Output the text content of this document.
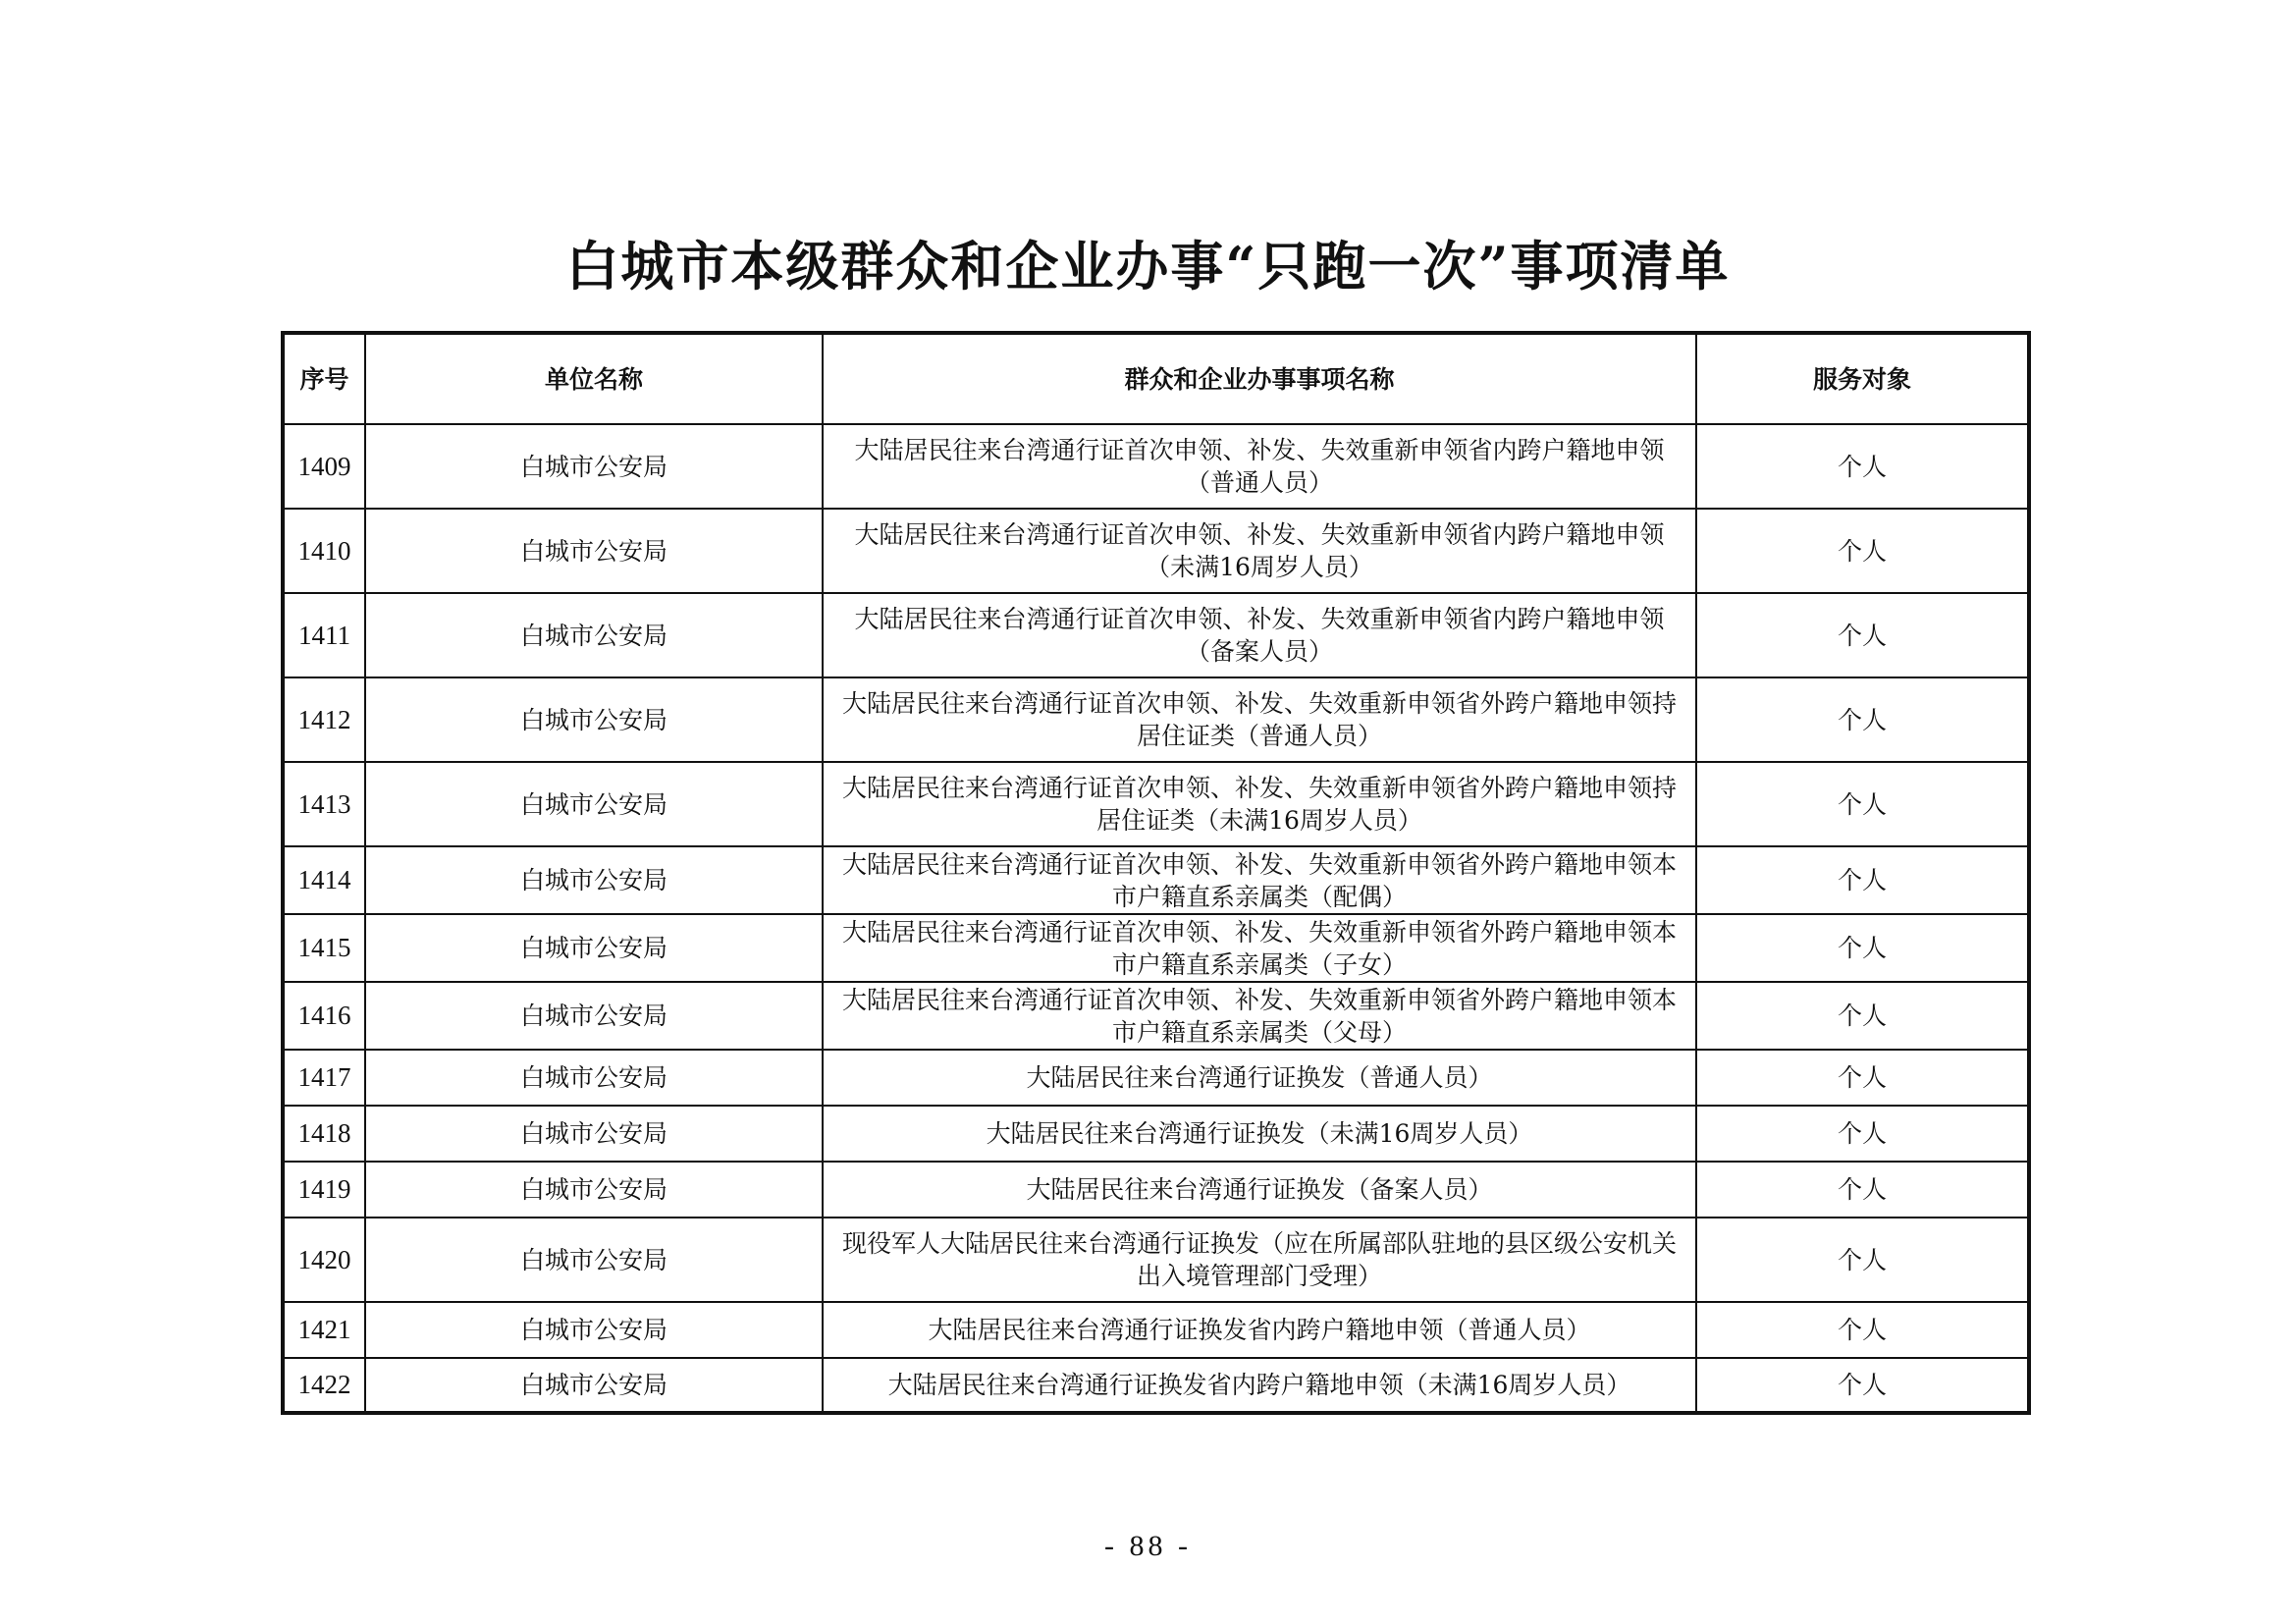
白城市本级群众和企业办事“只跑一次”事项清单
序号	单位名称	群众和企业办事事项名称	服务对象
1409	白城市公安局	大陆居民往来台湾通行证首次申领、补发、失效重新申领省内跨户籍地申领（普通人员）	个人
1410	白城市公安局	大陆居民往来台湾通行证首次申领、补发、失效重新申领省内跨户籍地申领（未满16周岁人员）	个人
1411	白城市公安局	大陆居民往来台湾通行证首次申领、补发、失效重新申领省内跨户籍地申领（备案人员）	个人
1412	白城市公安局	大陆居民往来台湾通行证首次申领、补发、失效重新申领省外跨户籍地申领持居住证类（普通人员）	个人
1413	白城市公安局	大陆居民往来台湾通行证首次申领、补发、失效重新申领省外跨户籍地申领持居住证类（未满16周岁人员）	个人
1414	白城市公安局	大陆居民往来台湾通行证首次申领、补发、失效重新申领省外跨户籍地申领本市户籍直系亲属类（配偶）	个人
1415	白城市公安局	大陆居民往来台湾通行证首次申领、补发、失效重新申领省外跨户籍地申领本市户籍直系亲属类（子女）	个人
1416	白城市公安局	大陆居民往来台湾通行证首次申领、补发、失效重新申领省外跨户籍地申领本市户籍直系亲属类（父母）	个人
1417	白城市公安局	大陆居民往来台湾通行证换发（普通人员）	个人
1418	白城市公安局	大陆居民往来台湾通行证换发（未满16周岁人员）	个人
1419	白城市公安局	大陆居民往来台湾通行证换发（备案人员）	个人
1420	白城市公安局	现役军人大陆居民往来台湾通行证换发（应在所属部队驻地的县区级公安机关出入境管理部门受理）	个人
1421	白城市公安局	大陆居民往来台湾通行证换发省内跨户籍地申领（普通人员）	个人
1422	白城市公安局	大陆居民往来台湾通行证换发省内跨户籍地申领（未满16周岁人员）	个人
- 88 -
